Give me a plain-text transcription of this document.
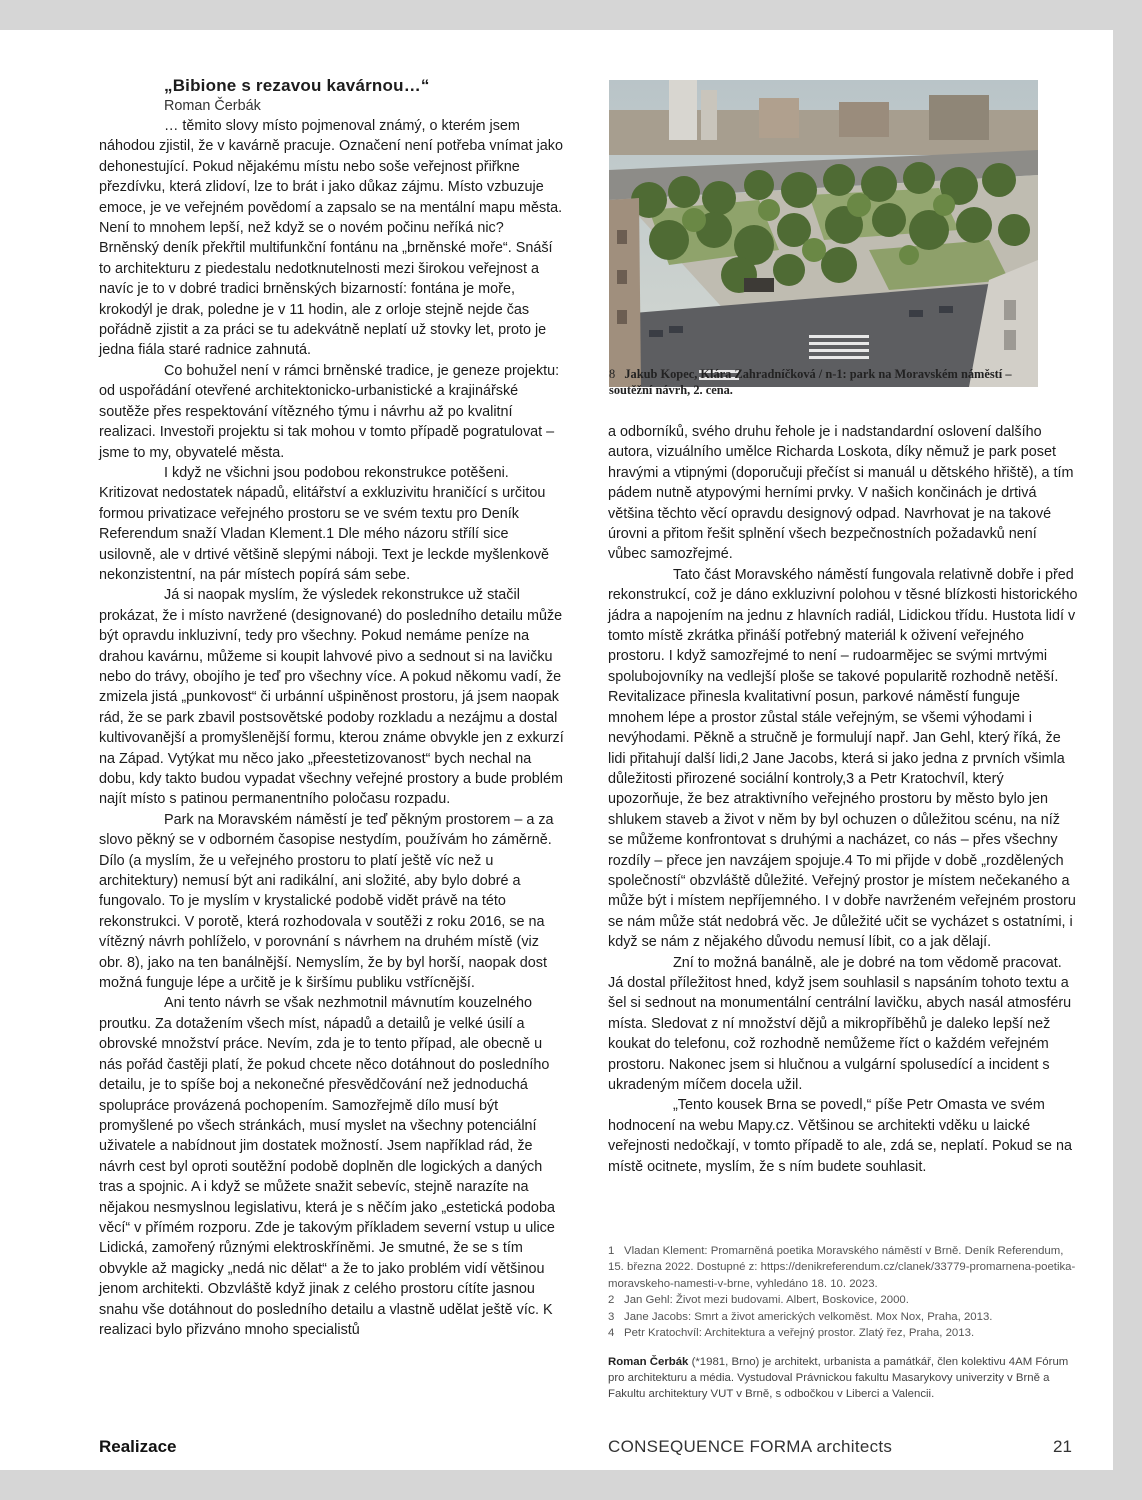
„Bibione s rezavou kavárnou…“
Roman Čerbák

… těmito slovy místo pojmenoval známý, o kterém jsem náhodou zjistil, že v kavárně pracuje. Označení není potřeba vnímat jako dehonestující. Pokud nějakému místu nebo soše veřejnost přiřkne přezdívku, která zlidoví, lze to brát i jako důkaz zájmu. Místo vzbuzuje emoce, je ve veřejném povědomí a zapsalo se na mentální mapu města. Není to mnohem lepší, než když se o novém počinu neříká nic? Brněnský deník překřtil multifunkční fontánu na „brněnské moře“. Snáší to architekturu z piedestalu nedotknutelnosti mezi širokou veřejnost a navíc je to v dobré tradici brněnských bizarností: fontána je moře, krokodýl je drak, poledne je v 11 hodin, ale z orloje stejně nejde čas pořádně zjistit a za práci se tu adekvátně neplatí už stovky let, proto je jedna fiála staré radnice zahnutá.

Co bohužel není v rámci brněnské tradice, je geneze projektu: od uspořádání otevřené architektonicko-urbanistické a krajinářské soutěže přes respektování vítězného týmu i návrhu až po kvalitní realizaci. Investoři projektu si tak mohou v tomto případě pogratulovat – jsme to my, obyvatelé města.

I když ne všichni jsou podobou rekonstrukce potěšeni. Kritizovat nedostatek nápadů, elitářství a exkluzivitu hraničící s určitou formou privatizace veřejného prostoru se ve svém textu pro Deník Referendum snaží Vladan Klement.1 Dle mého názoru střílí sice usilovně, ale v drtivé většině slepými náboji. Text je leckde myšlenkově nekonzistentní, na pár místech popírá sám sebe.

Já si naopak myslím, že výsledek rekonstrukce už stačil prokázat, že i místo navržené (designované) do posledního detailu může být opravdu inkluzivní, tedy pro všechny. Pokud nemáme peníze na drahou kavárnu, můžeme si koupit lahvové pivo a sednout si na lavičku nebo do trávy, obojího je teď pro všechny více. A pokud někomu vadí, že zmizela jistá „punkovost“ či urbánní ušpiněnost prostoru, já jsem naopak rád, že se park zbavil postsovětské podoby rozkladu a nezájmu a dostal kultivovanější a promyšlenější formu, kterou známe obvykle jen z exkurzí na Západ. Vytýkat mu něco jako „přeestetizovanost“ bych nechal na dobu, kdy takto budou vypadat všechny veřejné prostory a bude problém najít místo s patinou permanentního poločasu rozpadu.

Park na Moravském náměstí je teď pěkným prostorem – a za slovo pěkný se v odborném časopise nestydím, používám ho záměrně. Dílo (a myslím, že u veřejného prostoru to platí ještě víc než u architektury) nemusí být ani radikální, ani složité, aby bylo dobré a fungovalo. To je myslím v krystalické podobě vidět právě na této rekonstrukci. V porotě, která rozhodovala v soutěži z roku 2016, se na vítězný návrh pohlíželo, v porovnání s návrhem na druhém místě (viz obr. 8), jako na ten banálnější. Nemyslím, že by byl horší, naopak dost možná funguje lépe a určitě je k širšímu publiku vstřícnější.

Ani tento návrh se však nezhmotnil mávnutím kouzelného proutku. Za dotažením všech míst, nápadů a detailů je velké úsilí a obrovské množství práce. Nevím, zda je to tento případ, ale obecně u nás pořád častěji platí, že pokud chcete něco dotáhnout do posledního detailu, je to spíše boj a nekonečné přesvědčování než jednoduchá spolupráce provázená pochopením. Samozřejmě dílo musí být promyšlené po všech stránkách, musí myslet na všechny potenciální uživatele a nabídnout jim dostatek možností. Jsem například rád, že návrh cest byl oproti soutěžní podobě doplněn dle logických a daných tras a spojnic. A i když se můžete snažit sebevíc, stejně narazíte na nějakou nesmyslnou legislativu, která je s něčím jako „estetická podoba věcí“ v přímém rozporu. Zde je takovým příkladem severní vstup u ulice Lidická, zamořený různými elektroskříněmi. Je smutné, že se s tím obvykle až magicky „nedá nic dělat“ a že to jako problém vidí většinou jenom architekti. Obzvláště když jinak z celého prostoru cítíte jasnou snahu vše dotáhnout do posledního detailu a vlastně udělat ještě víc. K realizaci bylo přizváno mnoho specialistů

8 Jakub Kopec, Klára Zahradníčková / n-1: park na Moravském náměstí – soutěžní návrh, 2. cena.

a odborníků, svého druhu řehole je i nadstandardní oslovení dalšího autora, vizuálního umělce Richarda Loskota, díky němuž je park poset hravými a vtipnými (doporučuji přečíst si manuál u dětského hřiště), a tím pádem nutně atypovými herními prvky. V našich končinách je drtivá většina těchto věcí opravdu designový odpad. Navrhovat je na takové úrovni a přitom řešit splnění všech bezpečnostních požadavků není vůbec samozřejmé.

Tato část Moravského náměstí fungovala relativně dobře i před rekonstrukcí, což je dáno exkluzivní polohou v těsné blízkosti historického jádra a napojením na jednu z hlavních radiál, Lidickou třídu. Hustota lidí v tomto místě zkrátka přináší potřebný materiál k oživení veřejného prostoru. I když samozřejmé to není – rudoarmějec se svými mrtvými spolubojovníky na vedlejší ploše se takové popularitě rozhodně netěší. Revitalizace přinesla kvalitativní posun, parkové náměstí funguje mnohem lépe a prostor zůstal stále veřejným, se všemi výhodami i nevýhodami. Pěkně a stručně je formulují např. Jan Gehl, který říká, že lidi přitahují další lidi,2 Jane Jacobs, která si jako jedna z prvních všimla důležitosti přirozené sociální kontroly,3 a Petr Kratochvíl, který upozorňuje, že bez atraktivního veřejného prostoru by město bylo jen shlukem staveb a život v něm by byl ochuzen o důležitou scénu, na níž se můžeme konfrontovat s druhými a nacházet, co nás – přes všechny rozdíly – přece jen navzájem spojuje.4 To mi přijde v době „rozdělených společností“ obzvláště důležité. Veřejný prostor je místem nečekaného a může být i místem nepříjemného. I v dobře navrženém veřejném prostoru se nám může stát nedobrá věc. Je důležité učit se vycházet s ostatními, i když se nám z nějakého důvodu nemusí líbit, co a jak dělají.

Zní to možná banálně, ale je dobré na tom vědomě pracovat. Já dostal příležitost hned, když jsem souhlasil s napsáním tohoto textu a šel si sednout na monumentální centrální lavičku, abych nasál atmosféru místa. Sledovat z ní množství dějů a mikropříběhů je daleko lepší než koukat do telefonu, což rozhodně nemůžeme říct o každém veřejném prostoru. Nakonec jsem si hlučnou a vulgární spolusedící a incident s ukradeným míčem docela užil.

„Tento kousek Brna se povedl,“ píše Petr Omasta ve svém hodnocení na webu Mapy.cz. Většinou se architekti vděku u laické veřejnosti nedočkají, v tomto případě to ale, zdá se, neplatí. Pokud se na místě ocitnete, myslím, že s ním budete souhlasit.

1 Vladan Klement: Promarněná poetika Moravského náměstí v Brně. Deník Referendum, 15. března 2022. Dostupné z: https://denikreferendum.cz/clanek/33779-promarnena-poetika-moravskeho-namesti-v-brne, vyhledáno 18. 10. 2023.

2 Jan Gehl: Život mezi budovami. Albert, Boskovice, 2000.

3 Jane Jacobs: Smrt a život amerických velkoměst. Mox Nox, Praha, 2013.

4 Petr Kratochvíl: Architektura a veřejný prostor. Zlatý řez, Praha, 2013.

Roman Čerbák (*1981, Brno) je architekt, urbanista a památkář, člen kolektivu 4AM Fórum pro architekturu a média. Vystudoval Právnickou fakultu Masarykovy univerzity v Brně a Fakultu architektury VUT v Brně, s odbočkou v Liberci a Valencii.
Realizace	CONSEQUENCE FORMA architects	21
